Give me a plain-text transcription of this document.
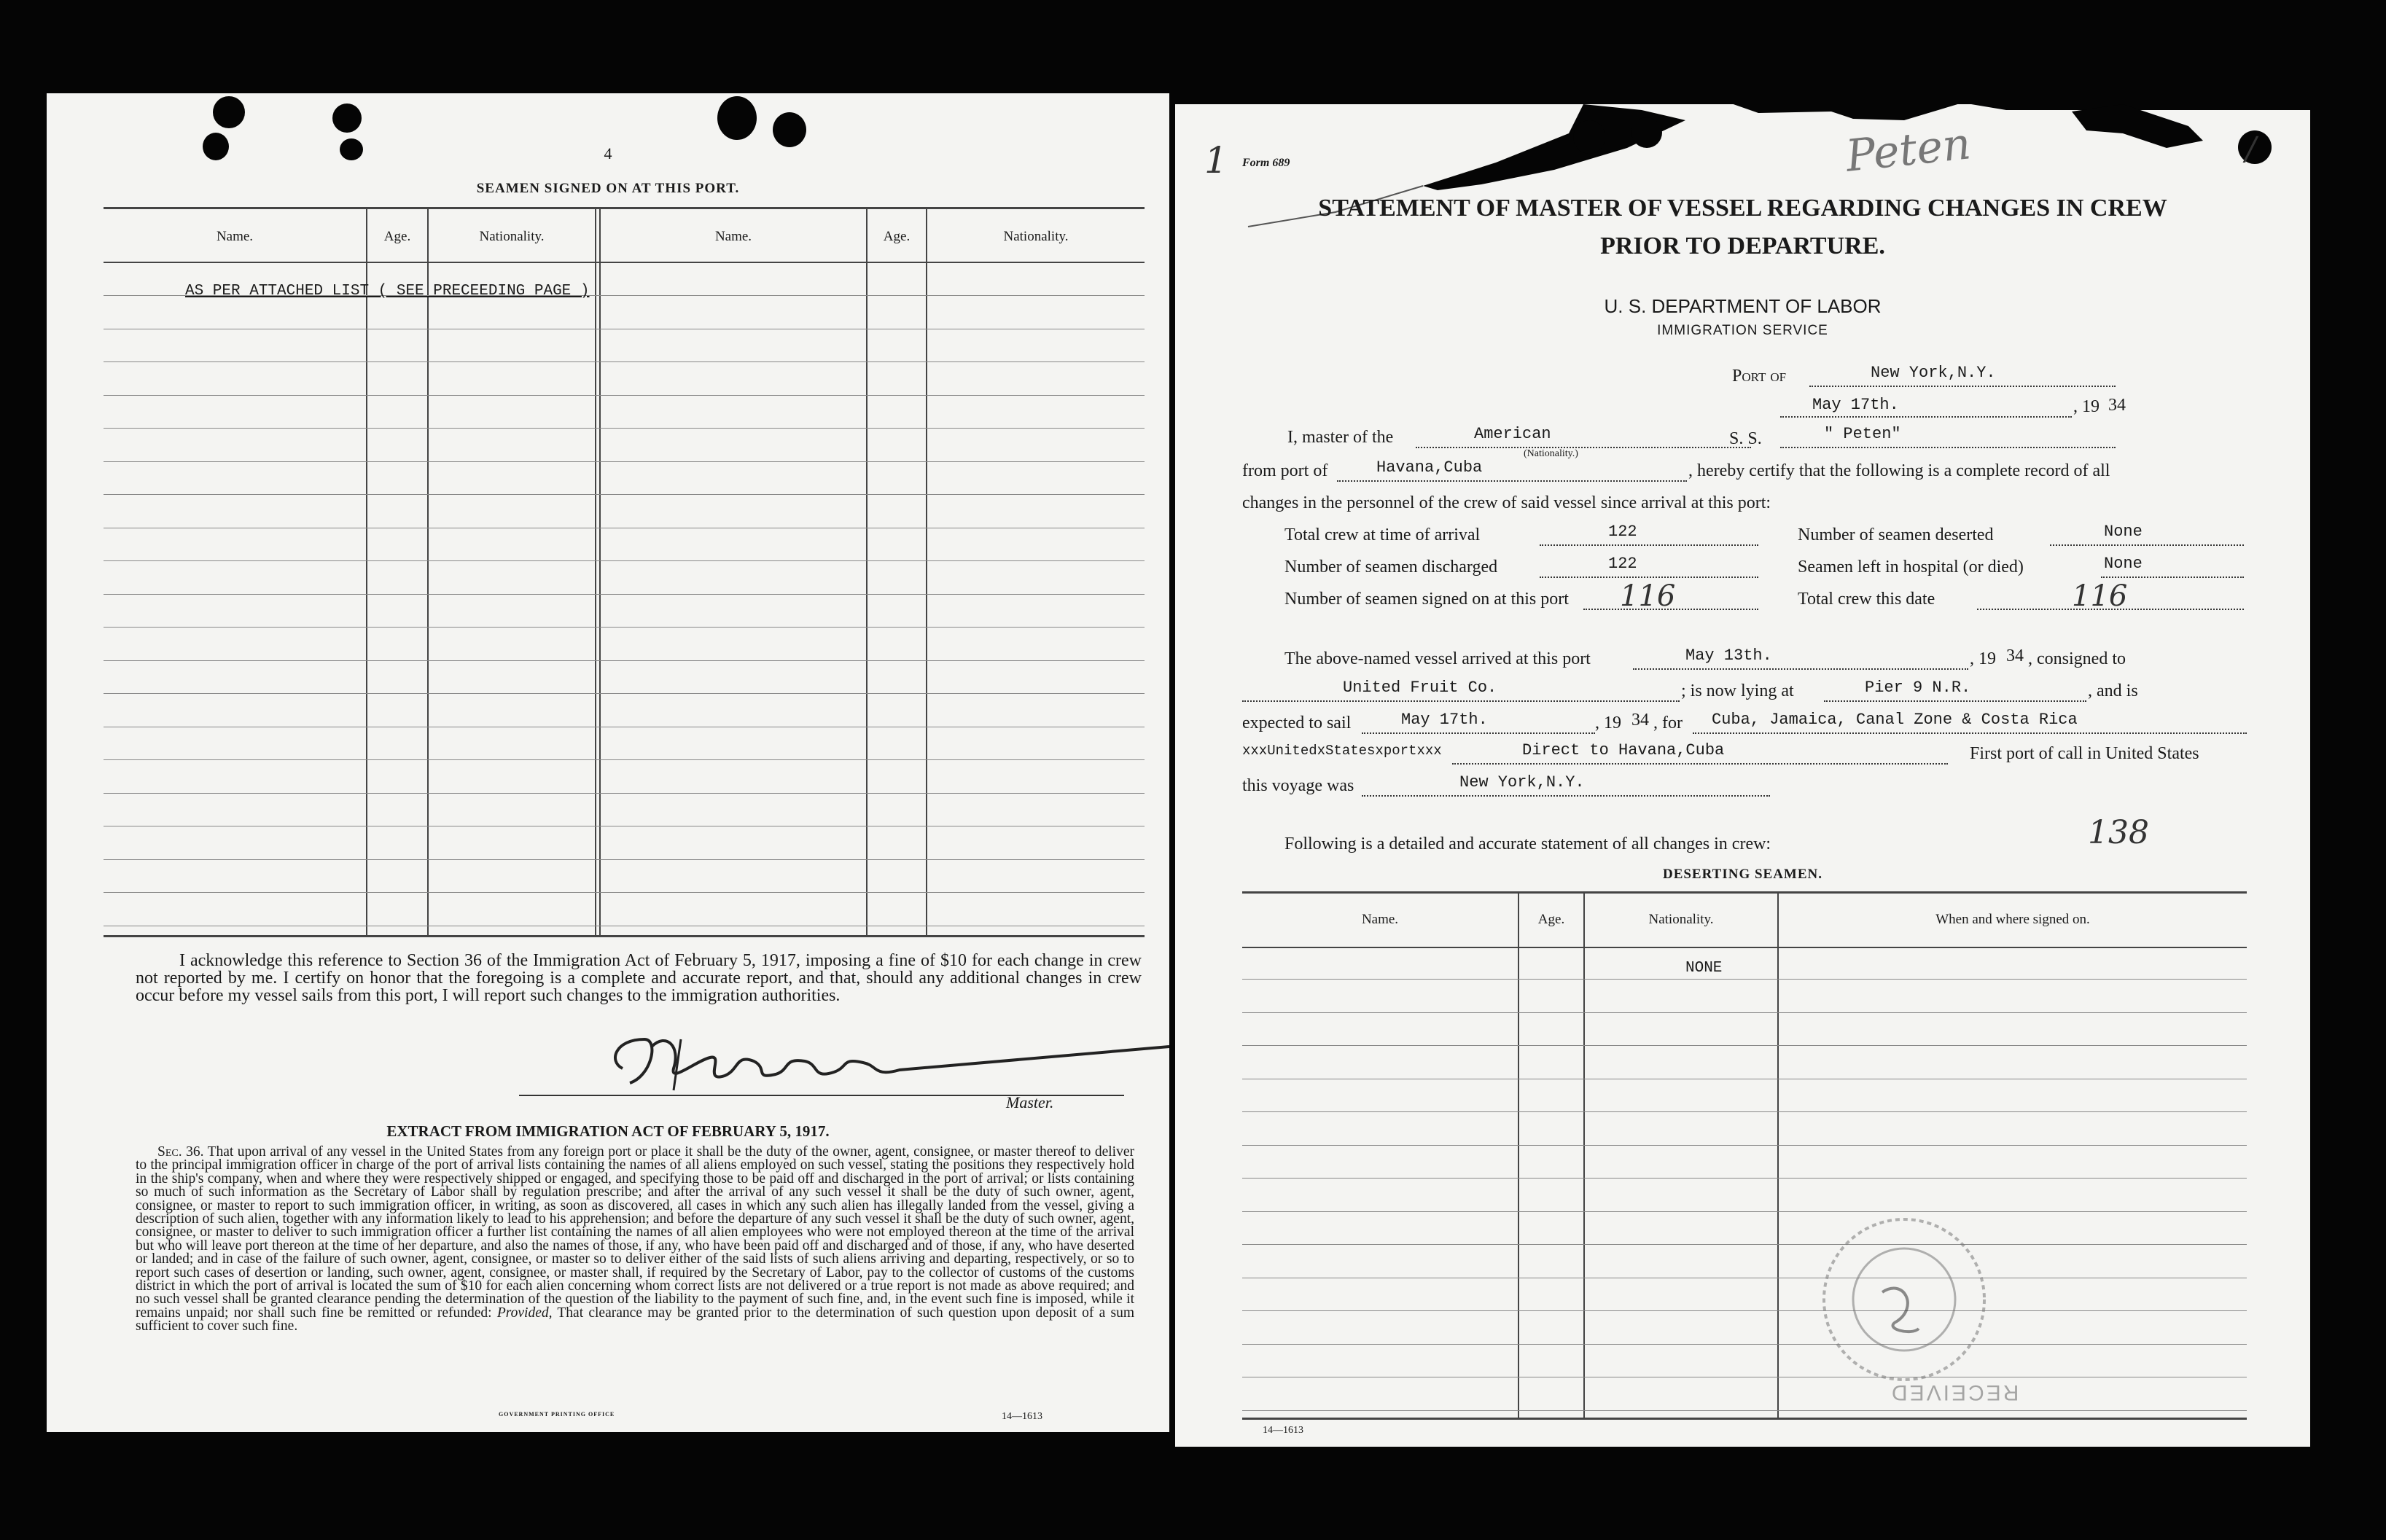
4
SEAMEN SIGNED ON AT THIS PORT.
Name.	Age.	Nationality.	Name.	Age.	Nationality.
AS PER ATTACHED LIST ( SEE PRECEEDING PAGE )
I acknowledge this reference to Section 36 of the Immigration Act of February 5, 1917, imposing a fine of $10 for each change in crew not reported by me. I certify on honor that the foregoing is a complete and accurate report, and that, should any additional changes in crew occur before my vessel sails from this port, I will report such changes to the immigration authorities.
Master.
EXTRACT FROM IMMIGRATION ACT OF FEBRUARY 5, 1917.
Sec. 36. That upon arrival of any vessel in the United States from any foreign port or place it shall be the duty of the owner, agent, consignee, or master thereof to deliver to the principal immigration officer in charge of the port of arrival lists containing the names of all aliens employed on such vessel, stating the positions they respectively hold in the ship's company, when and where they were respectively shipped or engaged, and specifying those to be paid off and discharged in the port of arrival; or lists containing so much of such information as the Secretary of Labor shall by regulation prescribe; and after the arrival of any such vessel it shall be the duty of such owner, agent, consignee, or master to report to such immigration officer, in writing, as soon as discovered, all cases in which any such alien has illegally landed from the vessel, giving a description of such alien, together with any information likely to lead to his apprehension; and before the departure of any such vessel it shall be the duty of such owner, agent, consignee, or master to deliver to such immigration officer a further list containing the names of all alien employees who were not employed thereon at the time of the arrival but who will leave port thereon at the time of her departure, and also the names of those, if any, who have been paid off and discharged and of those, if any, who have deserted or landed; and in case of the failure of such owner, agent, consignee, or master so to deliver either of the said lists of such aliens arriving and departing, respectively, or so to report such cases of desertion or landing, such owner, agent, consignee, or master shall, if required by the Secretary of Labor, pay to the collector of customs of the customs district in which the port of arrival is located the sum of $10 for each alien concerning whom correct lists are not delivered or a true report is not made as above required; and no such vessel shall be granted clearance pending the determination of the question of the liability to the payment of such fine, and, in the event such fine is imposed, while it remains unpaid; nor shall such fine be remitted or refunded: Provided, That clearance may be granted prior to the determination of such question upon deposit of a sum sufficient to cover such fine.
GOVERNMENT PRINTING OFFICE	14—1613
1	/
Form 689	Peten
STATEMENT OF MASTER OF VESSEL REGARDING CHANGES IN CREW
PRIOR TO DEPARTURE.
U. S. DEPARTMENT OF LABOR
IMMIGRATION SERVICE
Port of	New York,N.Y.
May 17th.	, 19 34
I, master of the	American
(Nationality.)
S. S.	" Peten"
from port of	Havana,Cuba	, hereby certify that the following is a complete record of all
changes in the personnel of the crew of said vessel since arrival at this port:
Total crew at time of arrival	122	Number of seamen deserted	None
Number of seamen discharged	122	Seamen left in hospital (or died)	None
Number of seamen signed on at this port 116	Total crew this date	116
The above-named vessel arrived at this port	May 13th.	, 19 34 , consigned to
United Fruit Co.	; is now lying at	Pier 9 N.R.	, and is
expected to sail	May 17th.	, 19 34 , for Cuba, Jamaica, Canal Zone & Costa Rica
xxxUnitedxStatesxportxxx	Direct to Havana,Cuba	First port of call in United States
this voyage was	New York,N.Y.
Following is a detailed and accurate statement of all changes in crew:	138
DESERTING SEAMEN.
Name.	Age.	Nationality.	When and where signed on.
NONE
RECEIVED
14—1613
